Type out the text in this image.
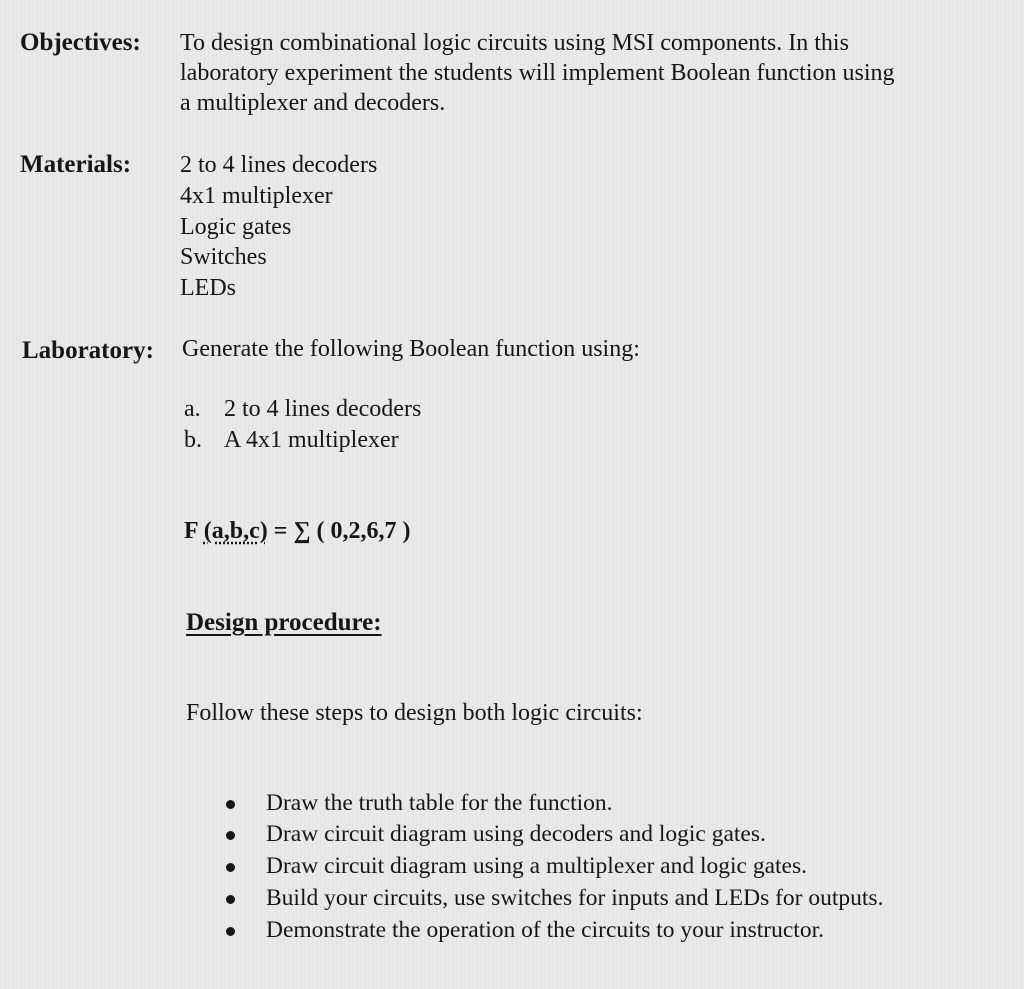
Objectives: To design combinational logic circuits using MSI components. In this
laboratory experiment the students will implement Boolean function using
a multiplexer and decoders.
Materials: 2 to 4 lines decoders
4x1 multiplexer
Logic gates
Switches
LEDs
Laboratory: Generate the following Boolean function using:
a. 2 to 4 lines decoders
b. A 4x1 multiplexer
F (a,b,c) = ∑ ( 0,2,6,7 )
Design procedure:
Follow these steps to design both logic circuits:
Draw the truth table for the function.
Draw circuit diagram using decoders and logic gates.
Draw circuit diagram using a multiplexer and logic gates.
Build your circuits, use switches for inputs and LEDs for outputs.
Demonstrate the operation of the circuits to your instructor.
